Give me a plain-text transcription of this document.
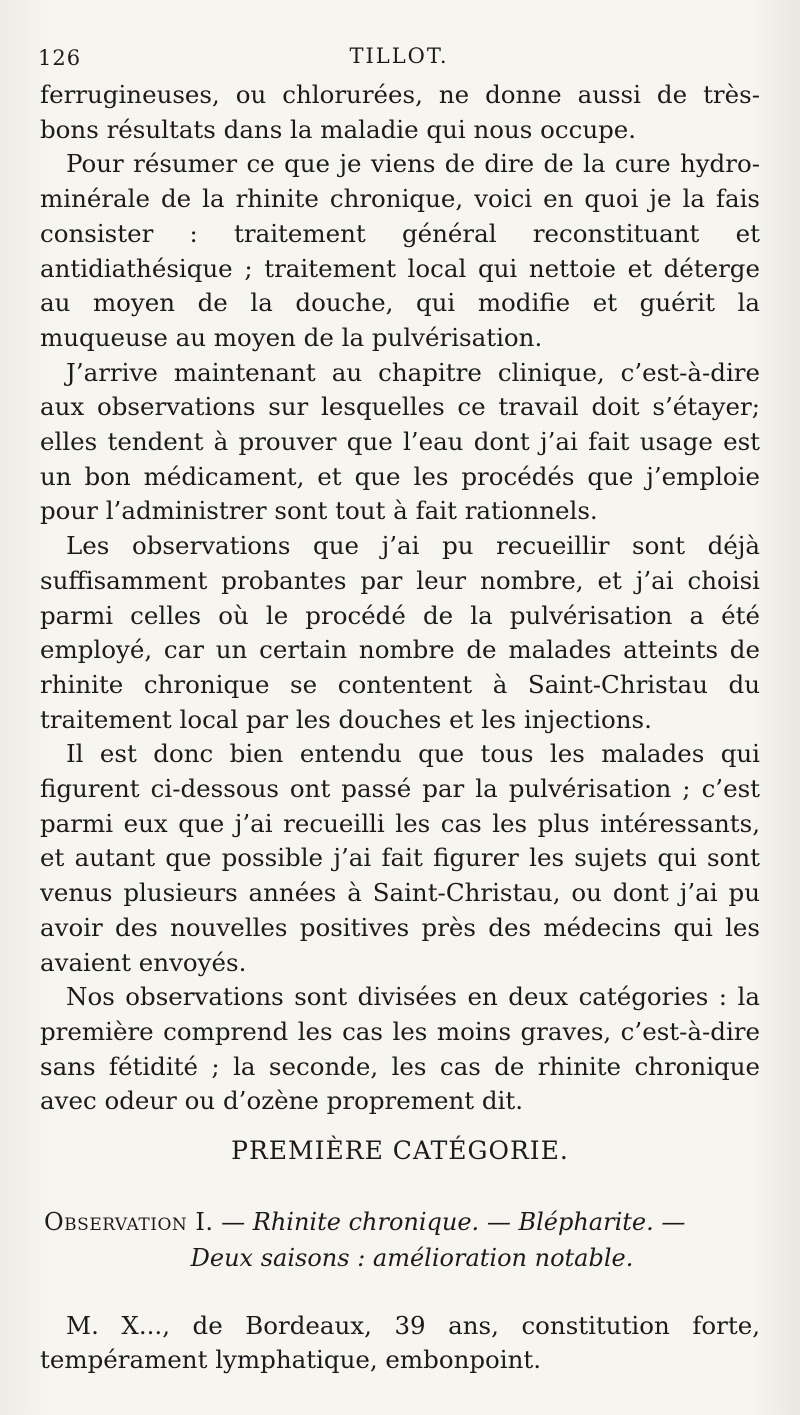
126	TILLOT.

ferrugineuses, ou chlorurées, ne donne aussi de très-bons résultats dans la maladie qui nous occupe.

Pour résumer ce que je viens de dire de la cure hydro-minérale de la rhinite chronique, voici en quoi je la fais consister : traitement général reconstituant et antidiathésique ; traitement local qui nettoie et déterge au moyen de la douche, qui modifie et guérit la muqueuse au moyen de la pulvérisation.

J’arrive maintenant au chapitre clinique, c’est-à-dire aux observations sur lesquelles ce travail doit s’étayer; elles tendent à prouver que l’eau dont j’ai fait usage est un bon médicament, et que les procédés que j’emploie pour l’administrer sont tout à fait rationnels.

Les observations que j’ai pu recueillir sont déjà suffisamment probantes par leur nombre, et j’ai choisi parmi celles où le procédé de la pulvérisation a été employé, car un certain nombre de malades atteints de rhinite chronique se contentent à Saint-Christau du traitement local par les douches et les injections.

Il est donc bien entendu que tous les malades qui figurent ci-dessous ont passé par la pulvérisation ; c’est parmi eux que j’ai recueilli les cas les plus intéressants, et autant que possible j’ai fait figurer les sujets qui sont venus plusieurs années à Saint-Christau, ou dont j’ai pu avoir des nouvelles positives près des médecins qui les avaient envoyés.

Nos observations sont divisées en deux catégories : la première comprend les cas les moins graves, c’est-à-dire sans fétidité ; la seconde, les cas de rhinite chronique avec odeur ou d’ozène proprement dit.

PREMIÈRE CATÉGORIE.
Observation I. — Rhinite chronique. — Blépharite. —
Deux saisons : amélioration notable.

M. X..., de Bordeaux, 39 ans, constitution forte, tempérament lymphatique, embonpoint.
